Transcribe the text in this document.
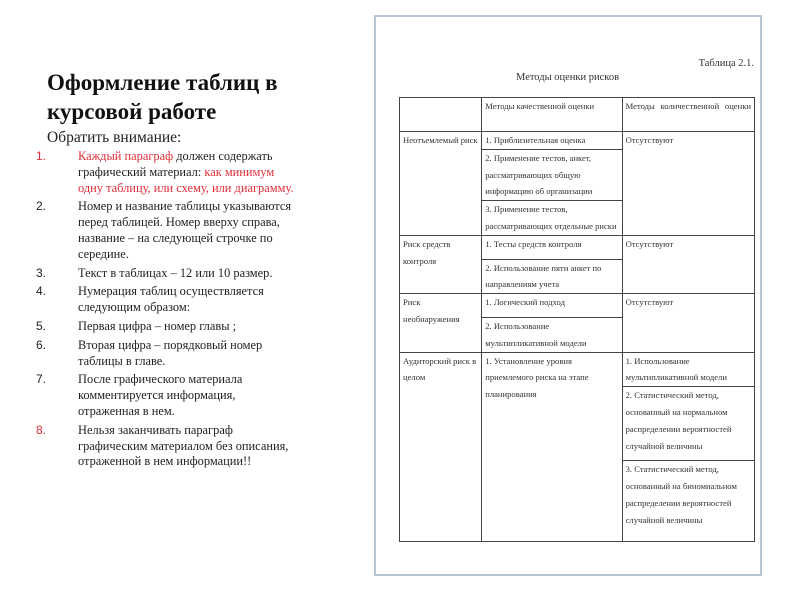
Оформление таблиц в курсовой работе
Обратить внимание:
1.	Каждый параграф должен содержать графический материал: как минимум одну таблицу, или схему, или диаграмму.
2.	Номер и название таблицы указываются перед таблицей. Номер вверху справа, название – на следующей строчке по середине.
3.	Текст в таблицах – 12 или 10 размер.
4.	Нумерация таблиц осуществляется следующим образом:
5.	Первая цифра – номер главы ;
6.	Вторая цифра – порядковый номер таблицы в главе.
7.	После графического материала комментируется информация, отраженная в нем.
8.	Нельзя заканчивать параграф графическим материалом без описания, отраженной в нем информации!!
Таблица 2.1.
Методы оценки рисков
	Методы качественной оценки	Методы количественной оценки
Неотъемлемый риск	1. Приблизительная оценка	Отсутствуют
	2. Применение тестов, анкет, рассматривающих общую информацию об организации	
	3. Применение тестов, рассматривающих отдельные риски	
Риск средств контроля	1. Тесты средств контроля	Отсутствуют
	2. Использование пяти анкет по направлениям учета	
Риск необнаружения	1. Логический подход	Отсутствуют
	2. Использование мультипликативной модели	
Аудиторский риск в целом	1. Установление уровня приемлемого риска на этапе планирования	1. Использование мультипликативной модели
		2. Статистический метод, основанный на нормальном распределении вероятностей случайной величины
		3. Статистический метод, основанный на биномиальном распределении вероятностей случайной величины
